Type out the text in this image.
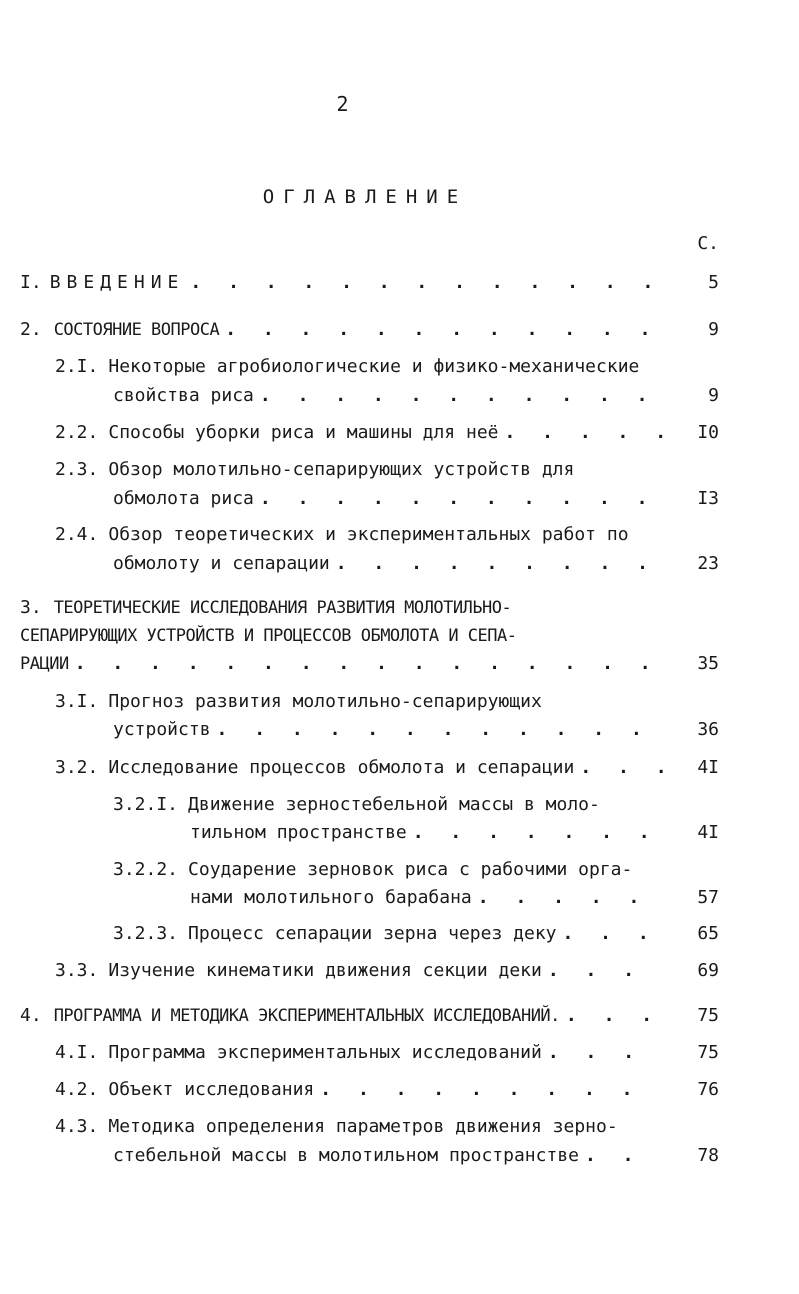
2
ОГЛАВЛЕНИЕ
С.
I. ВВЕДЕНИЕ . . .	5
2. СОСТОЯНИЕ ВОПРОСА . . .	9
2.I. Некоторые агробиологические и физико-механические
свойства риса . . .	9
2.2. Способы уборки риса и машины для неё . . .	I0
2.3. Обзор молотильно-сепарирующих устройств для
обмолота риса . . .	I3
2.4. Обзор теоретических и экспериментальных работ по
обмолоту и сепарации . . .	23
3. ТЕОРЕТИЧЕСКИЕ ИССЛЕДОВАНИЯ РАЗВИТИЯ МОЛОТИЛЬНО-
СЕПАРИРУЮЩИХ УСТРОЙСТВ И ПРОЦЕССОВ ОБМОЛОТА И СЕПА-
РАЦИИ . . .	35
3.I. Прогноз развития молотильно-сепарирующих
устройств . . .	36
3.2. Исследование процессов обмолота и сепарации . . .	4I
3.2.I. Движение зерностебельной массы в моло-
тильном пространстве . . .	4I
3.2.2. Соударение зерновок риса с рабочими орга-
нами молотильного барабана . . .	57
3.2.3. Процесс сепарации зерна через деку . . .	65
3.3. Изучение кинематики движения секции деки . . .	69
4. ПРОГРАММА И МЕТОДИКА ЭКСПЕРИМЕНТАЛЬНЫХ ИССЛЕДОВАНИЙ. . . .	75
4.I. Программа экспериментальных исследований . . .	75
4.2. Объект исследования . . .	76
4.3. Методика определения параметров движения зерно-
стебельной массы в молотильном пространстве . . .	78
